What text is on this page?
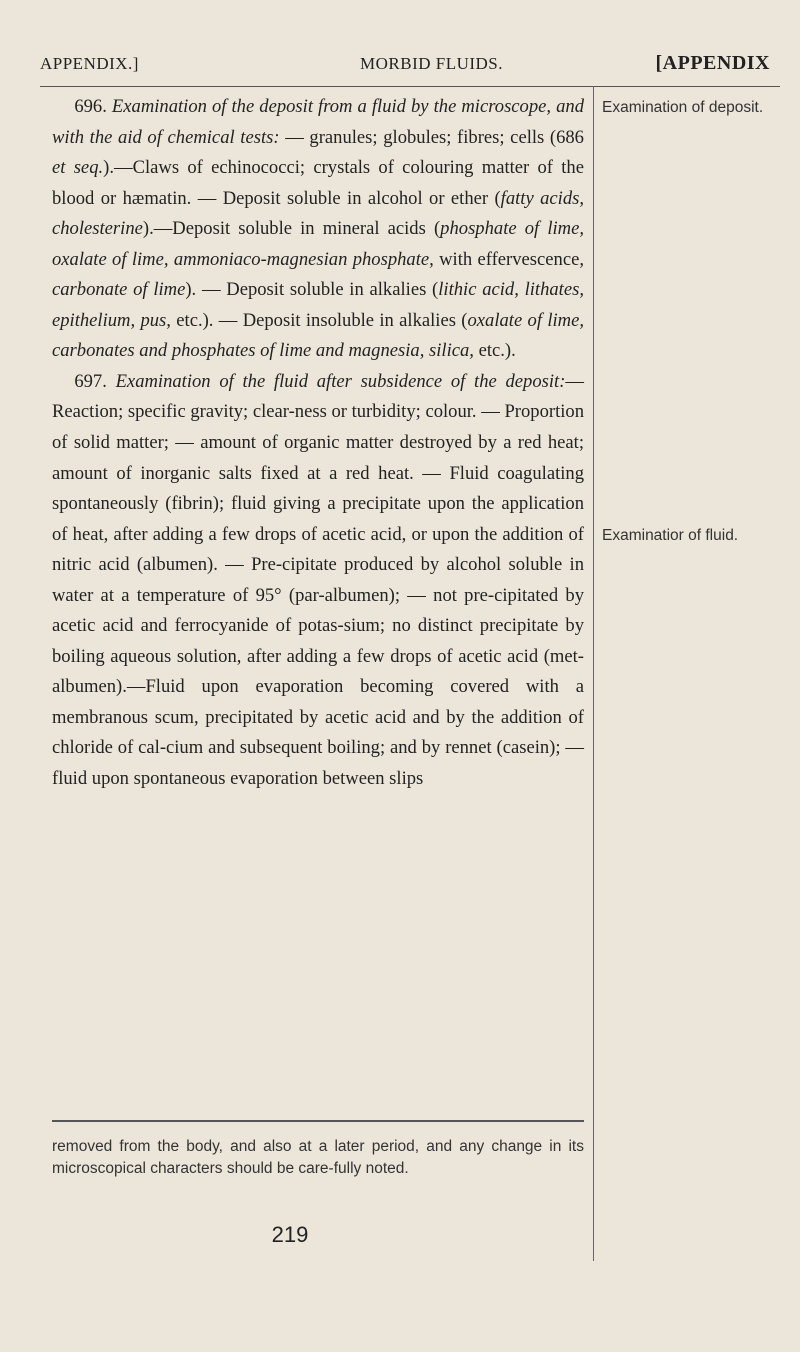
APPENDIX.]	MORBID FLUIDS.	[APPENDIX

696. Examination of the deposit from a fluid by the microscope, and with the aid of chemical tests: — granules; globules; fibres; cells (686 et seq.).—Claws of echinococci; crystals of colouring matter of the blood or hæmatin. — Deposit soluble in alcohol or ether (fatty acids, cholesterine).—Deposit soluble in mineral acids (phosphate of lime, oxalate of lime, ammoniaco-magnesian phosphate, with effervescence, carbonate of lime). — Deposit soluble in alkalies (lithic acid, lithates, epithelium, pus, etc.). — Deposit insoluble in alkalies (oxalate of lime, carbonates and phosphates of lime and magnesia, silica, etc.).

697. Examination of the fluid after subsidence of the deposit:—Reaction; specific gravity; clear-ness or turbidity; colour. — Proportion of solid matter; — amount of organic matter destroyed by a red heat; amount of inorganic salts fixed at a red heat. — Fluid coagulating spontaneously (fibrin); fluid giving a precipitate upon the application of heat, after adding a few drops of acetic acid, or upon the addition of nitric acid (albumen). — Pre-cipitate produced by alcohol soluble in water at a temperature of 95° (par-albumen); — not pre-cipitated by acetic acid and ferrocyanide of potas-sium; no distinct precipitate by boiling aqueous solution, after adding a few drops of acetic acid (met-albumen).—Fluid upon evaporation becoming covered with a membranous scum, precipitated by acetic acid and by the addition of chloride of cal-cium and subsequent boiling; and by rennet (casein); —fluid upon spontaneous evaporation between slips

Examination of deposit.
Examinatior of fluid.
removed from the body, and also at a later period, and any change in its microscopical characters should be care-fully noted.
219
